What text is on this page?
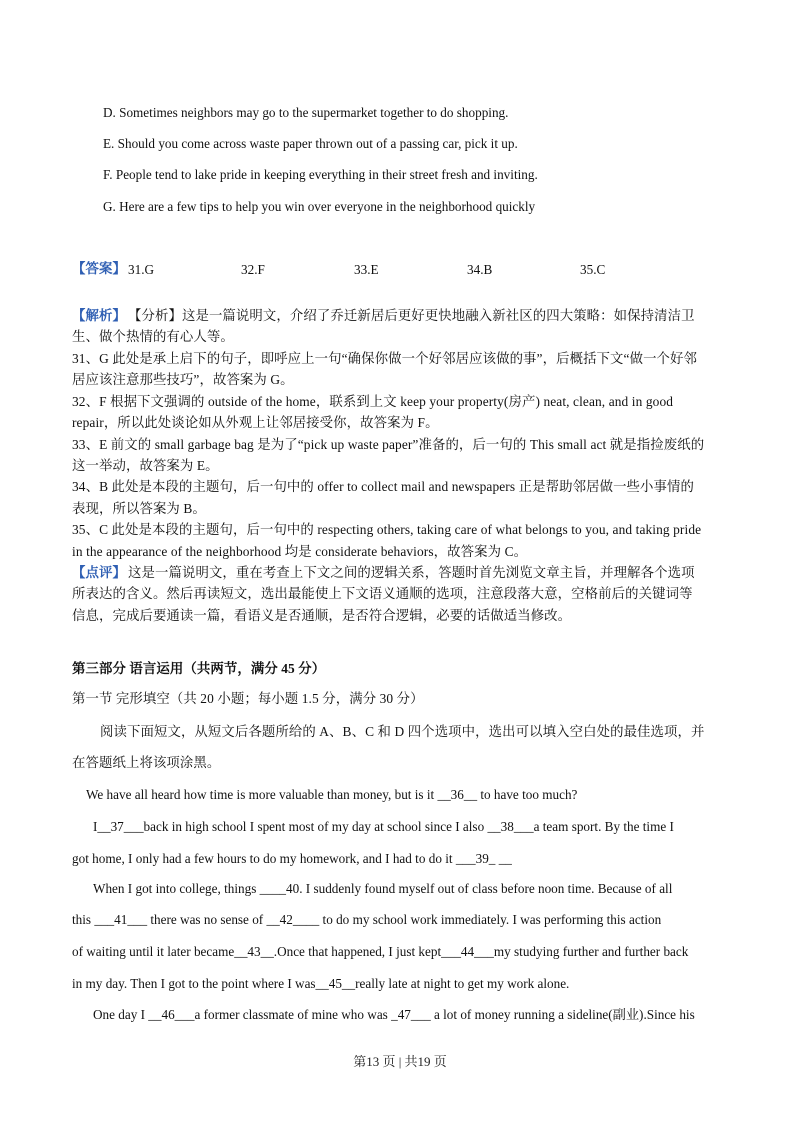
D. Sometimes neighbors may go to the supermarket together to do shopping.
E. Should you come across waste paper thrown out of a passing car, pick it up.
F. People tend to lake pride in keeping everything in their street fresh and inviting.
G. Here are a few tips to help you win over everyone in the neighborhood quickly
【答案】 31.G	32.F	33.E	34.B	35.C
【解析】 【分析】这是一篇说明文，介绍了乔迁新居后更好更快地融入新社区的四大策略：如保持清洁卫
生、做个热情的有心人等。
31、G 此处是承上启下的句子，即呼应上一句“确保你做一个好邻居应该做的事”，后概括下文“做一个好邻
居应该注意那些技巧”，故答案为 G。
32、F 根据下文强调的 outside of the home，联系到上文 keep your property(房产) neat, clean, and in good
repair，所以此处谈论如从外观上让邻居接受你，故答案为 F。
33、E 前文的 small garbage bag 是为了“pick up waste paper”准备的，后一句的 This small act 就是指捡废纸的
这一举动，故答案为 E。
34、B 此处是本段的主题句，后一句中的 offer to collect mail and newspapers 正是帮助邻居做一些小事情的
表现，所以答案为 B。
35、C 此处是本段的主题句，后一句中的 respecting others, taking care of what belongs to you, and taking pride
in the appearance of the neighborhood 均是 considerate behaviors，故答案为 C。
【点评】 这是一篇说明文，重在考查上下文之间的逻辑关系，答题时首先浏览文章主旨，并理解各个选项
所表达的含义。然后再读短文，选出最能使上下文语义通顺的选项，注意段落大意，空格前后的关键词等
信息，完成后要通读一篇，看语义是否通顺，是否符合逻辑，必要的话做适当修改。
第三部分 语言运用（共两节，满分 45 分）
第一节 完形填空（共 20 小题；每小题 1.5 分，满分 30 分）
阅读下面短文，从短文后各题所给的 A、B、C 和 D 四个选项中，选出可以填入空白处的最佳选项，并
在答题纸上将该项涂黑。
We have all heard how time is more valuable than money, but is it __36__ to have too much?
I__37___back in high school I spent most of my day at school since I also __38___a team sport. By the time I
got home, I only had a few hours to do my homework, and I had to do it ___39_ __
When I got into college, things ____40. I suddenly found myself out of class before noon time. Because of all
this ___41___ there was no sense of __42____ to do my school work immediately. I was performing this action
of waiting until it later became__43__.Once that happened, I just kept___44___my studying further and further back
in my day. Then I got to the point where I was__45__really late at night to get my work alone.
One day I __46___a former classmate of mine who was _47___ a lot of money running a sideline(副业).Since his
第13 页 | 共19 页
